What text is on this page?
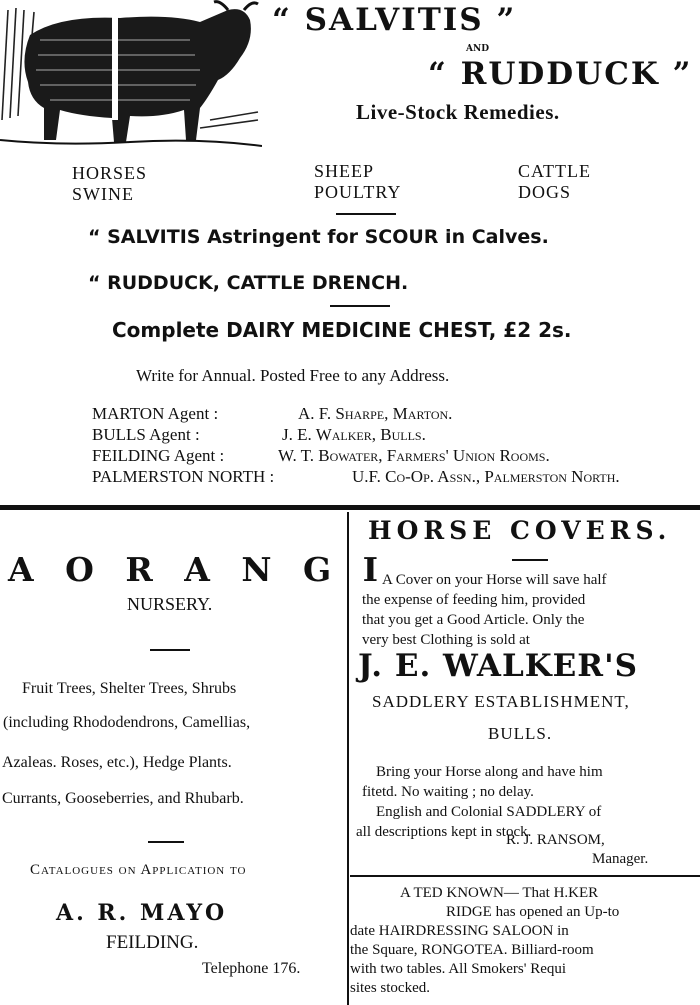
“ SALVITIS ”
AND
“ RUDDUCK ”
Live-Stock Remedies.
HORSES
SWINE
SHEEP
POULTRY
CATTLE
DOGS
“ SALVITIS Astringent for SCOUR in Calves.
“ RUDDUCK, CATTLE DRENCH.
Complete DAIRY MEDICINE CHEST, £2 2s.
Write for Annual. Posted Free to any Address.
MARTON Agent :	A. F. Sharpe, Marton.
BULLS Agent :	J. E. Walker, Bulls.
FEILDING Agent :	W. T. Bowater, Farmers' Union Rooms.
PALMERSTON NORTH :	U.F. Co-Op. Assn., Palmerston North.
A O R A N G I
NURSERY.
Fruit Trees, Shelter Trees, Shrubs
(including Rhododendrons, Camellias,
Azaleas. Roses, etc.), Hedge Plants.
Currants, Gooseberries, and Rhubarb.
Catalogues on Application to
A. R. MAYO
FEILDING.
Telephone 176.
HORSE COVERS.
A Cover on your Horse will save half
the expense of feeding him, provided
that you get a Good Article. Only the
very best Clothing is sold at
J. E. WALKER'S
SADDLERY ESTABLISHMENT,
BULLS.
Bring your Horse along and have him
fitetd. No waiting ; no delay.
English and Colonial SADDLERY of
all descriptions kept in stock.
R. J. RANSOM,
Manager.
A TED KNOWN— That H.KER
RIDGE has opened an Up-to
date HAIRDRESSING SALOON in
the Square, RONGOTEA. Billiard-room
with two tables. All Smokers' Requi
sites stocked.
